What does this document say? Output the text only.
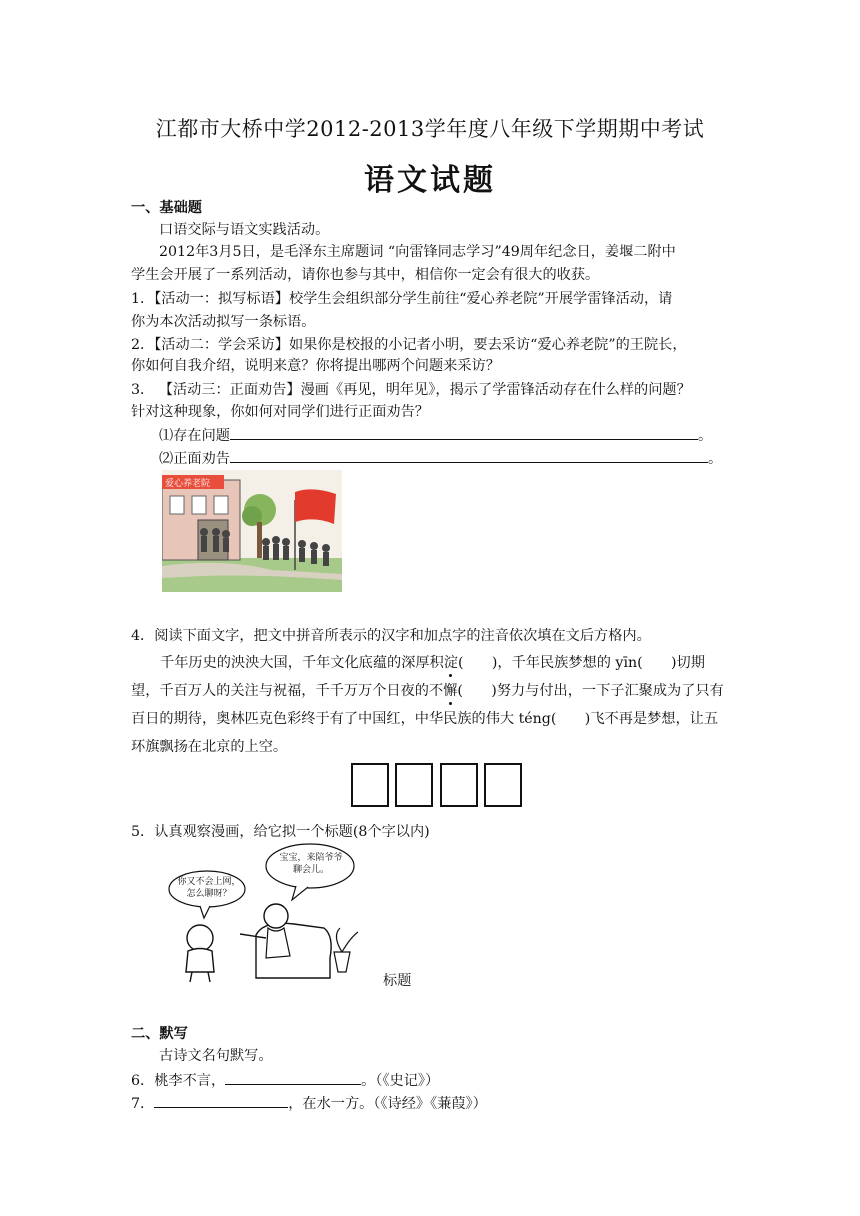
江都市大桥中学2012-2013学年度八年级下学期期中考试
语文试题
一、基础题
口语交际与语文实践活动。
2012年3月5日，是毛泽东主席题词 “向雷锋同志学习”49周年纪念日，姜堰二附中
学生会开展了一系列活动，请你也参与其中，相信你一定会有很大的收获。
1．【活动一：拟写标语】校学生会组织部分学生前往“爱心养老院”开展学雷锋活动，请
你为本次活动拟写一条标语。
2．【活动二：学会采访】如果你是校报的小记者小明，要去采访“爱心养老院”的王院长，
你如何自我介绍，说明来意？你将提出哪两个问题来采访？
3． 【活动三：正面劝告】漫画《再见，明年见》，揭示了学雷锋活动存在什么样的问题？
针对这种现象，你如何对同学们进行正面劝告？
⑴存在问题	。
⑵正面劝告	。
爱心养老院
4．阅读下面文字，把文中拼音所表示的汉字和加点字的注音依次填在文后方格内。
千年历史的泱泱大国，千年文化底蕴的深厚积淀(　　)，千年民族梦想的 yīn(　　)切期望，千百万人的关注与祝福，千千万万个日夜的不懈(　　)努力与付出，一下子汇聚成为了只有百日的期待，奥林匹克色彩终于有了中国红，中华民族的伟大 téng(　　)飞不再是梦想，让五环旗飘扬在北京的上空。
5．认真观察漫画，给它拟一个标题(8个字以内)
你又不会上网，怎么聊呀？
宝宝，来陪爷爷聊会儿。
标题
二、默写
古诗文名句默写。
6．桃李不言，	。（《史记》）
7．	，在水一方。（《诗经》《蒹葭》）
